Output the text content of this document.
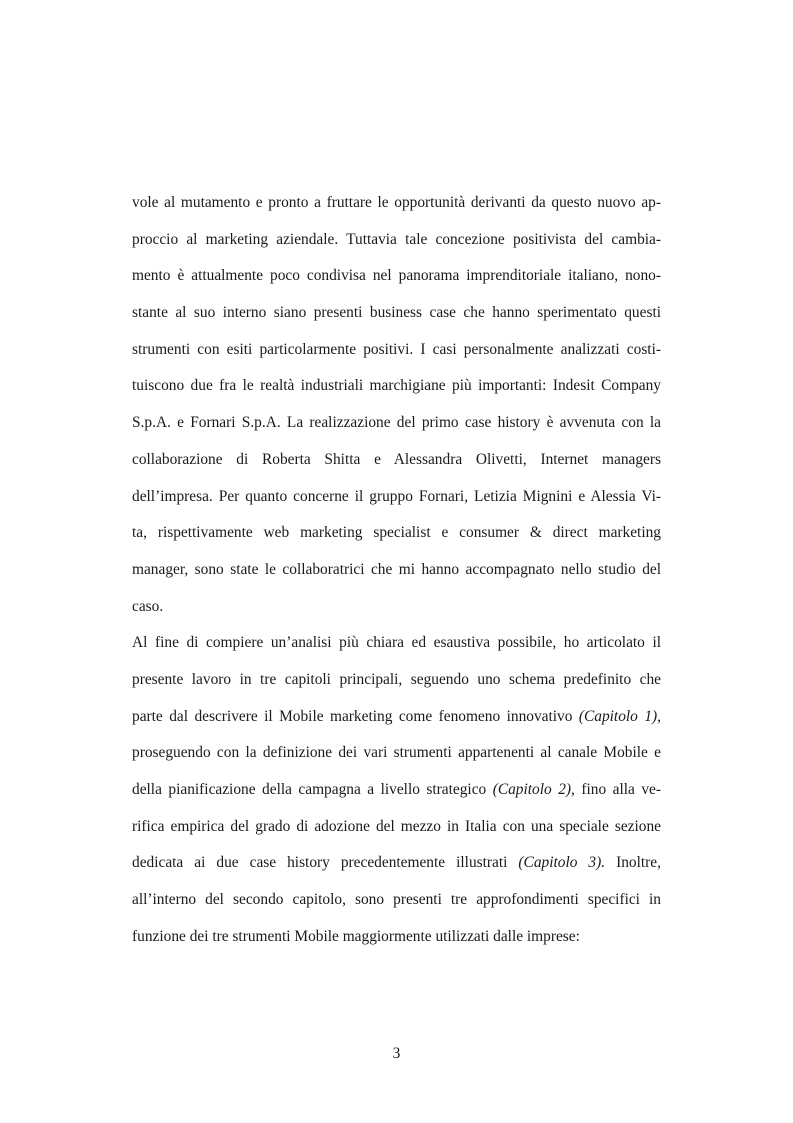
vole al mutamento e pronto a fruttare le opportunità derivanti da questo nuovo ap-
proccio al marketing aziendale. Tuttavia tale concezione positivista del cambia-
mento è attualmente poco condivisa nel panorama imprenditoriale italiano, nono-
stante al suo interno siano presenti business case che hanno sperimentato questi
strumenti con esiti particolarmente positivi. I casi personalmente analizzati costi-
tuiscono due fra le realtà industriali marchigiane più importanti: Indesit Company
S.p.A. e Fornari S.p.A. La realizzazione del primo case history è avvenuta con la
collaborazione di Roberta Shitta e Alessandra Olivetti, Internet managers
dell’impresa. Per quanto concerne il gruppo Fornari, Letizia Mignini e Alessia Vi-
ta, rispettivamente web marketing specialist e consumer & direct marketing
manager, sono state le collaboratrici che mi hanno accompagnato nello studio del
caso.
Al fine di compiere un’analisi più chiara ed esaustiva possibile, ho articolato il
presente lavoro in tre capitoli principali, seguendo uno schema predefinito che
parte dal descrivere il Mobile marketing come fenomeno innovativo (Capitolo 1),
proseguendo con la definizione dei vari strumenti appartenenti al canale Mobile e
della pianificazione della campagna a livello strategico (Capitolo 2), fino alla ve-
rifica empirica del grado di adozione del mezzo in Italia con una speciale sezione
dedicata ai due case history precedentemente illustrati (Capitolo 3). Inoltre,
all’interno del secondo capitolo, sono presenti tre approfondimenti specifici in
funzione dei tre strumenti Mobile maggiormente utilizzati dalle imprese:
3
